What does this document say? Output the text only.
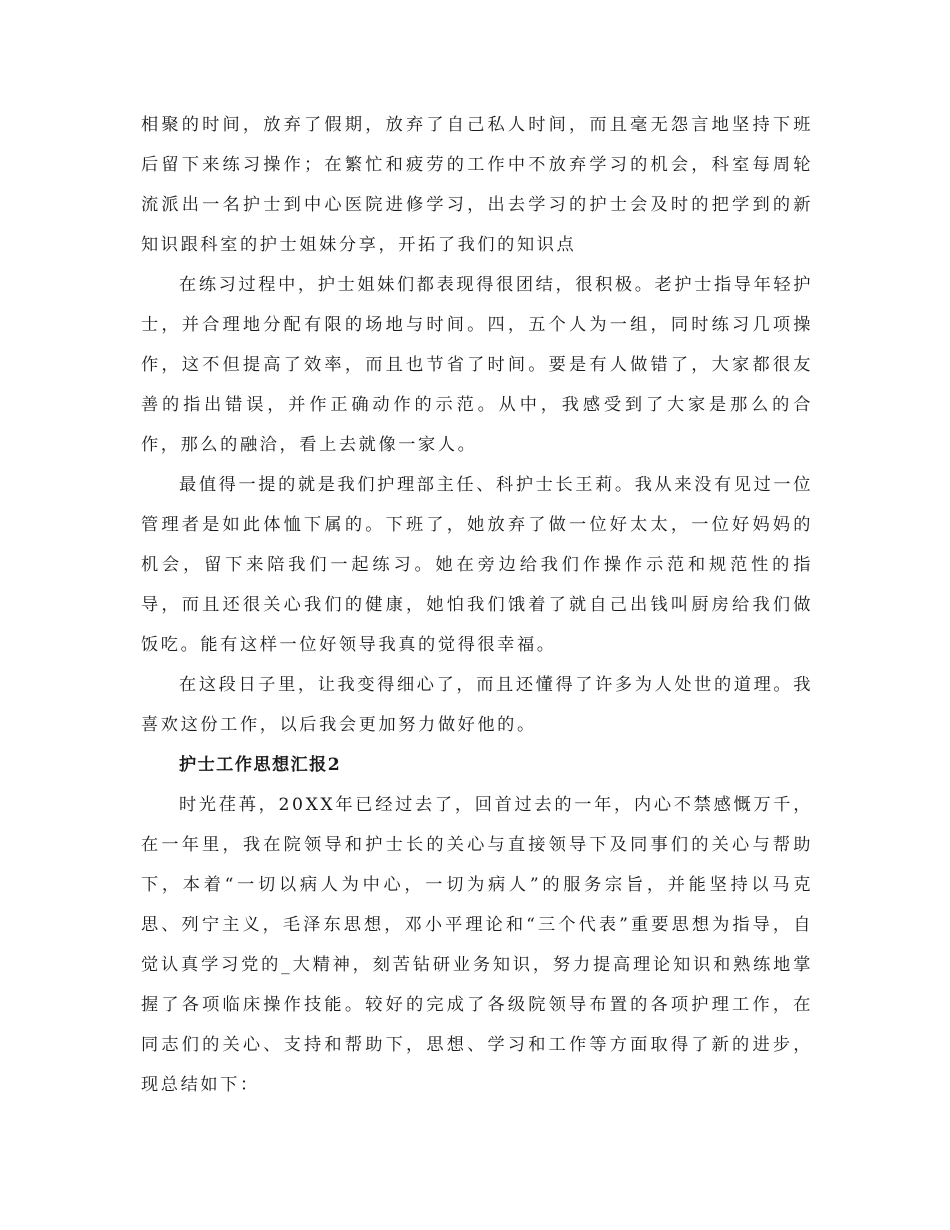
相聚的时间，放弃了假期，放弃了自己私人时间，而且毫无怨言地坚持下班后留下来练习操作；在繁忙和疲劳的工作中不放弃学习的机会，科室每周轮流派出一名护士到中心医院进修学习，出去学习的护士会及时的把学到的新知识跟科室的护士姐妹分享，开拓了我们的知识点

在练习过程中，护士姐妹们都表现得很团结，很积极。老护士指导年轻护士，并合理地分配有限的场地与时间。四，五个人为一组，同时练习几项操作，这不但提高了效率，而且也节省了时间。要是有人做错了，大家都很友善的指出错误，并作正确动作的示范。从中，我感受到了大家是那么的合作，那么的融洽，看上去就像一家人。

最值得一提的就是我们护理部主任、科护士长王莉。我从来没有见过一位管理者是如此体恤下属的。下班了，她放弃了做一位好太太，一位好妈妈的机会，留下来陪我们一起练习。她在旁边给我们作操作示范和规范性的指导，而且还很关心我们的健康，她怕我们饿着了就自己出钱叫厨房给我们做饭吃。能有这样一位好领导我真的觉得很幸福。

在这段日子里，让我变得细心了，而且还懂得了许多为人处世的道理。我喜欢这份工作，以后我会更加努力做好他的。

护士工作思想汇报2

时光荏苒，20XX年已经过去了，回首过去的一年，内心不禁感慨万千，在一年里，我在院领导和护士长的关心与直接领导下及同事们的关心与帮助下，本着“一切以病人为中心，一切为病人”的服务宗旨，并能坚持以马克思、列宁主义，毛泽东思想，邓小平理论和“三个代表”重要思想为指导，自觉认真学习党的_大精神，刻苦钻研业务知识，努力提高理论知识和熟练地掌握了各项临床操作技能。较好的完成了各级院领导布置的各项护理工作，在同志们的关心、支持和帮助下，思想、学习和工作等方面取得了新的进步，现总结如下：
